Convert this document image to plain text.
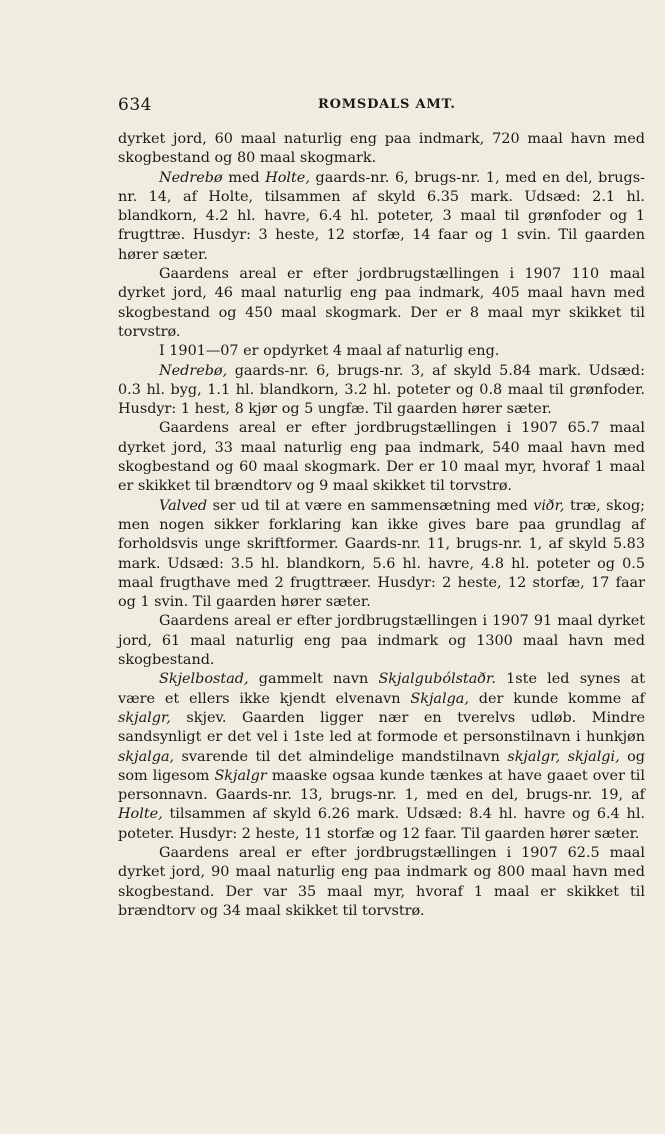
634	ROMSDALS AMT.

dyrket jord, 60 maal naturlig eng paa indmark, 720 maal havn med skogbestand og 80 maal skogmark.

Nedrebø med Holte, gaards-nr. 6, brugs-nr. 1, med en del, brugs-nr. 14, af Holte, tilsammen af skyld 6.35 mark. Udsæd: 2.1 hl. blandkorn, 4.2 hl. havre, 6.4 hl. poteter, 3 maal til grønfoder og 1 frugttræ. Husdyr: 3 heste, 12 storfæ, 14 faar og 1 svin. Til gaarden hører sæter.

Gaardens areal er efter jordbrugstællingen i 1907 110 maal dyrket jord, 46 maal naturlig eng paa indmark, 405 maal havn med skogbestand og 450 maal skogmark. Der er 8 maal myr skikket til torvstrø.

I 1901—07 er opdyrket 4 maal af naturlig eng.

Nedrebø, gaards-nr. 6, brugs-nr. 3, af skyld 5.84 mark. Udsæd: 0.3 hl. byg, 1.1 hl. blandkorn, 3.2 hl. poteter og 0.8 maal til grønfoder. Husdyr: 1 hest, 8 kjør og 5 ungfæ. Til gaarden hører sæter.

Gaardens areal er efter jordbrugstællingen i 1907 65.7 maal dyrket jord, 33 maal naturlig eng paa indmark, 540 maal havn med skogbestand og 60 maal skogmark. Der er 10 maal myr, hvoraf 1 maal er skikket til brændtorv og 9 maal skikket til torvstrø.

Valved ser ud til at være en sammensætning med viðr, træ, skog; men nogen sikker forklaring kan ikke gives bare paa grundlag af forholdsvis unge skriftformer. Gaards-nr. 11, brugs-nr. 1, af skyld 5.83 mark. Udsæd: 3.5 hl. blandkorn, 5.6 hl. havre, 4.8 hl. poteter og 0.5 maal frugthave med 2 frugttræer. Husdyr: 2 heste, 12 storfæ, 17 faar og 1 svin. Til gaarden hører sæter.

Gaardens areal er efter jordbrugstællingen i 1907 91 maal dyrket jord, 61 maal naturlig eng paa indmark og 1300 maal havn med skogbestand.

Skjelbostad, gammelt navn Skjalgubólstaðr. 1ste led synes at være et ellers ikke kjendt elvenavn Skjalga, der kunde komme af skjalgr, skjev. Gaarden ligger nær en tverelvs udløb. Mindre sandsynligt er det vel i 1ste led at formode et personstilnavn i hunkjøn skjalga, svarende til det almindelige mandstilnavn skjalgr, skjalgi, og som ligesom Skjalgr maaske ogsaa kunde tænkes at have gaaet over til personnavn. Gaards-nr. 13, brugs-nr. 1, med en del, brugs-nr. 19, af Holte, tilsammen af skyld 6.26 mark. Udsæd: 8.4 hl. havre og 6.4 hl. poteter. Husdyr: 2 heste, 11 storfæ og 12 faar. Til gaarden hører sæter.

Gaardens areal er efter jordbrugstællingen i 1907 62.5 maal dyrket jord, 90 maal naturlig eng paa indmark og 800 maal havn med skogbestand. Der var 35 maal myr, hvoraf 1 maal er skikket til brændtorv og 34 maal skikket til torvstrø.
